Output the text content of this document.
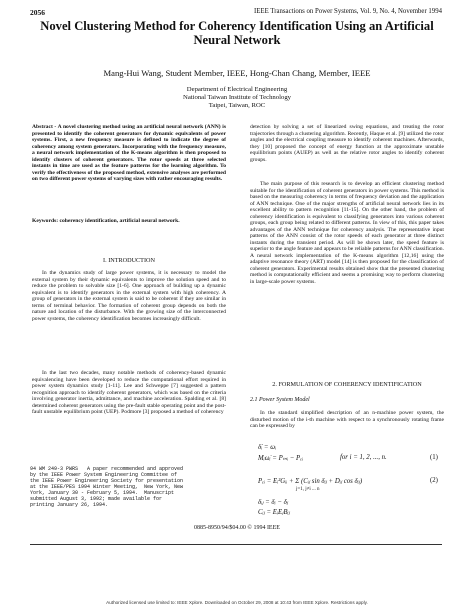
2056	IEEE Transactions on Power Systems, Vol. 9, No. 4, November 1994
Novel Clustering Method for Coherency Identification Using an Artificial Neural Network
Mang-Hui Wang, Student Member, IEEE, Hong-Chan Chang, Member, IEEE
Department of Electrical Engineering
National Taiwan Institute of Technology
Taipei, Taiwan, ROC
Abstract - A novel clustering method using an artificial neural network (ANN) is presented to identify the coherent generators for dynamic equivalents of power systems. First, a new frequency measure is defined to indicate the degree of coherency among system generators. Incorporating with the frequency measure, a neural network implementation of the K-means algorithm is then proposed to identify clusters of coherent generators. The rotor speeds at three selected instants in time are used as the feature patterns for the learning algorithm. To verify the effectiveness of the proposed method, extensive analyses are performed on two different power systems of varying sizes with rather encouraging results.
Keywords: coherency identification, artificial neural network.
I. INTRODUCTION
In the dynamics study of large power systems, it is necessary to model the external system by their dynamic equivalents to improve the solution speed and to reduce the problem to solvable size [1-6]. One approach of building up a dynamic equivalent is to identify generators in the external system with high coherency. A group of generators in the external system is said to be coherent if they are similar in terms of terminal behavior. The formation of coherent group depends on both the nature and location of the disturbance. With the growing size of the interconnected power systems, the coherency identification becomes increasingly difficult.
In the last two decades, many notable methods of coherency-based dynamic equivalencing have been developed to reduce the computational effort required in power system dynamics study [1-11]. Lee and Schweppe [7] suggested a pattern recognition approach to identify coherent generators, which was based on the criteria involving generator inertia, admittance, and machine acceleration. Spalding et al. [8] determined coherent generators using the pre-fault stable operating point and the post-fault unstable equilibrium point (UEP). Podmore [3] proposed a method of coherency
detection by solving a set of linearized swing equations, and treating the rotor trajectories through a clustering algorithm. Recently, Haque et al. [9] utilized the rotor angles and the electrical coupling measure to identify coherent machines. Afterwards, they [10] proposed the concept of energy function at the approximate unstable equilibrium points (AUEP) as well as the relative rotor angles to identify coherent groups.
The main purpose of this research is to develop an efficient clustering method suitable for the identification of coherent generators in power systems. This method is based on the measuring coherency in terms of frequency deviation and the application of ANN technique. One of the major strengths of artificial neural network lies in its excellent ability to pattern recognition [11-15]. On the other hand, the problem of coherency identification is equivalent to classifying generators into various coherent groups, each group being related to different patterns. In view of this, this paper takes advantages of the ANN technique for coherency analysis. The representative input patterns of the ANN consist of the rotor speeds of each generator at three distinct instants during the transient period. As will be shown later, the speed feature is superior to the angle feature and appears to be reliable patterns for ANN classification. A neural network implementation of the K-means algorithm [12,16] using the adaptive resonance theory (ART) model [14] is then proposed for the classification of coherent generators. Experimental results obtained show that the presented clustering method is computationally efficient and seems a promising way to perform clustering in large-scale power systems.
2. FORMULATION OF COHERENCY IDENTIFICATION
2.1 Power System Model
In the standard simplified description of an n-machine power system, the disturbed motion of the i-th machine with respect to a synchronously rotating frame can be expressed by
δ̇ᵢ = ωᵢ
Mᵢω̇ᵢ = Pₘᵢ − Pₑᵢ	for i = 1, 2, ..., n.	(1)
Pₑᵢ = Eᵢ²Gᵢᵢ + Σ (Cᵢⱼ sin δᵢⱼ + Dᵢⱼ cos δᵢⱼ)
j=1, j≠i ... n
(2)
δᵢⱼ = δᵢ − δⱼ
Cᵢⱼ = EᵢEⱼBᵢⱼ
94 WM 249-3 PWRS   A paper recommended and approved
by the IEEE Power System Engineering Committee of
the IEEE Power Engineering Society for presentation
at the IEEE/PES 1994 Winter Meeting,  New York, New
York, January 30 - February 5, 1994.  Manuscript
submitted August 3, 1992; made available for
printing January 26, 1994.
0885-8950/94/$04.00 © 1994 IEEE
Authorized licensed use limited to: IEEE Xplore. Downloaded on October 29, 2008 at 10:43 from IEEE Xplore. Restrictions apply.
